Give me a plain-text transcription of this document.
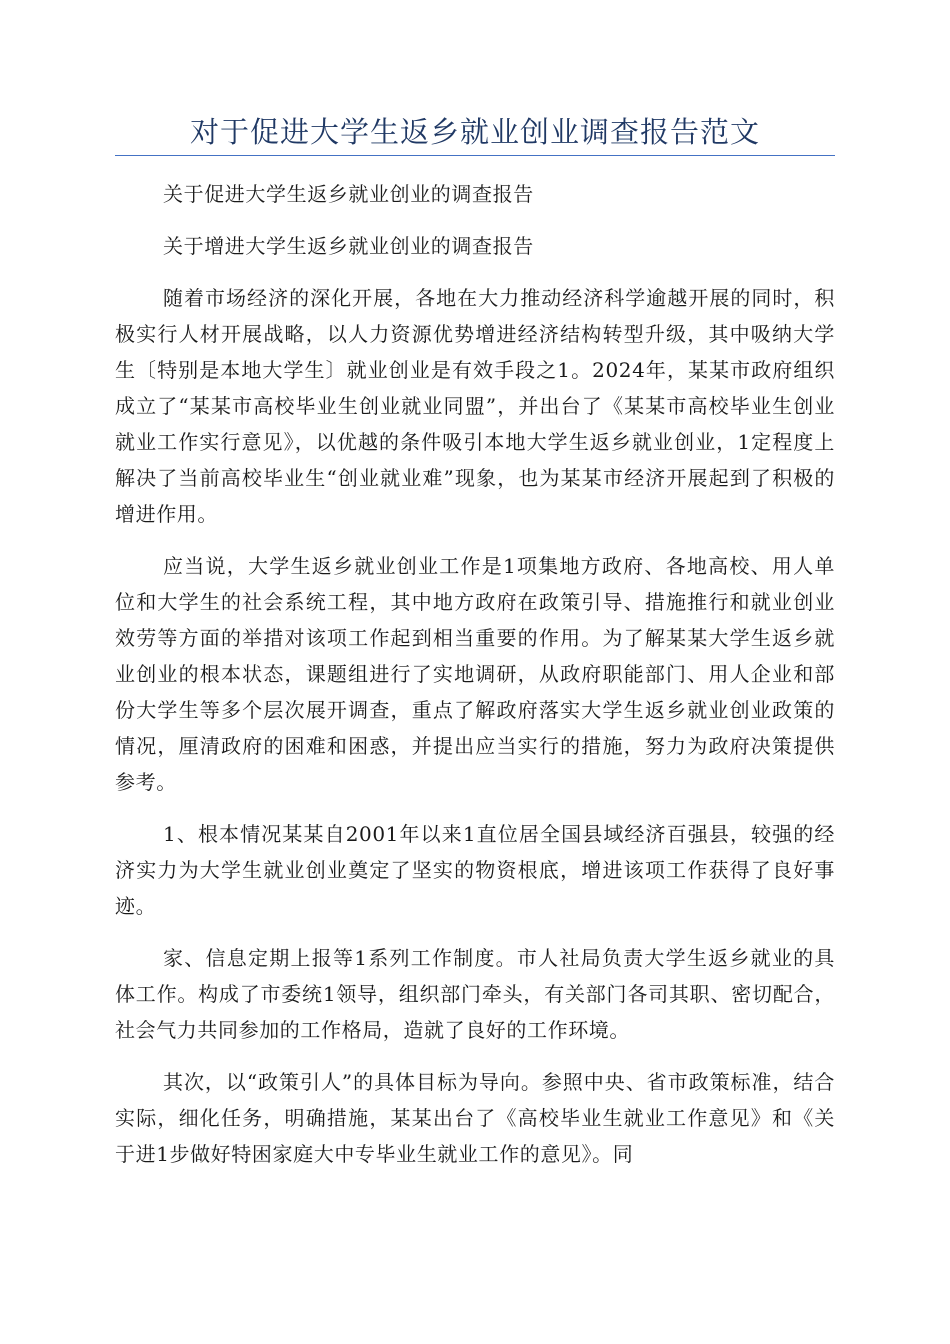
对于促进大学生返乡就业创业调查报告范文

关于促进大学生返乡就业创业的调查报告

关于增进大学生返乡就业创业的调查报告

随着市场经济的深化开展，各地在大力推动经济科学逾越开展的同时，积极实行人材开展战略，以人力资源优势增进经济结构转型升级，其中吸纳大学生〔特别是本地大学生〕就业创业是有效手段之1。2024年，某某市政府组织成立了“某某市高校毕业生创业就业同盟”，并出台了《某某市高校毕业生创业就业工作实行意见》，以优越的条件吸引本地大学生返乡就业创业，1定程度上解决了当前高校毕业生“创业就业难”现象，也为某某市经济开展起到了积极的增进作用。

应当说，大学生返乡就业创业工作是1项集地方政府、各地高校、用人单位和大学生的社会系统工程，其中地方政府在政策引导、措施推行和就业创业效劳等方面的举措对该项工作起到相当重要的作用。为了解某某大学生返乡就业创业的根本状态，课题组进行了实地调研，从政府职能部门、用人企业和部份大学生等多个层次展开调查，重点了解政府落实大学生返乡就业创业政策的情况，厘清政府的困难和困惑，并提出应当实行的措施，努力为政府决策提供参考。

1、根本情况某某自2001年以来1直位居全国县域经济百强县，较强的经济实力为大学生就业创业奠定了坚实的物资根底，增进该项工作获得了良好事迹。

家、信息定期上报等1系列工作制度。市人社局负责大学生返乡就业的具体工作。构成了市委统1领导，组织部门牵头，有关部门各司其职、密切配合，社会气力共同参加的工作格局，造就了良好的工作环境。

其次，以“政策引人”的具体目标为导向。参照中央、省市政策标准，结合实际，细化任务，明确措施，某某出台了《高校毕业生就业工作意见》和《关于进1步做好特困家庭大中专毕业生就业工作的意见》。同
